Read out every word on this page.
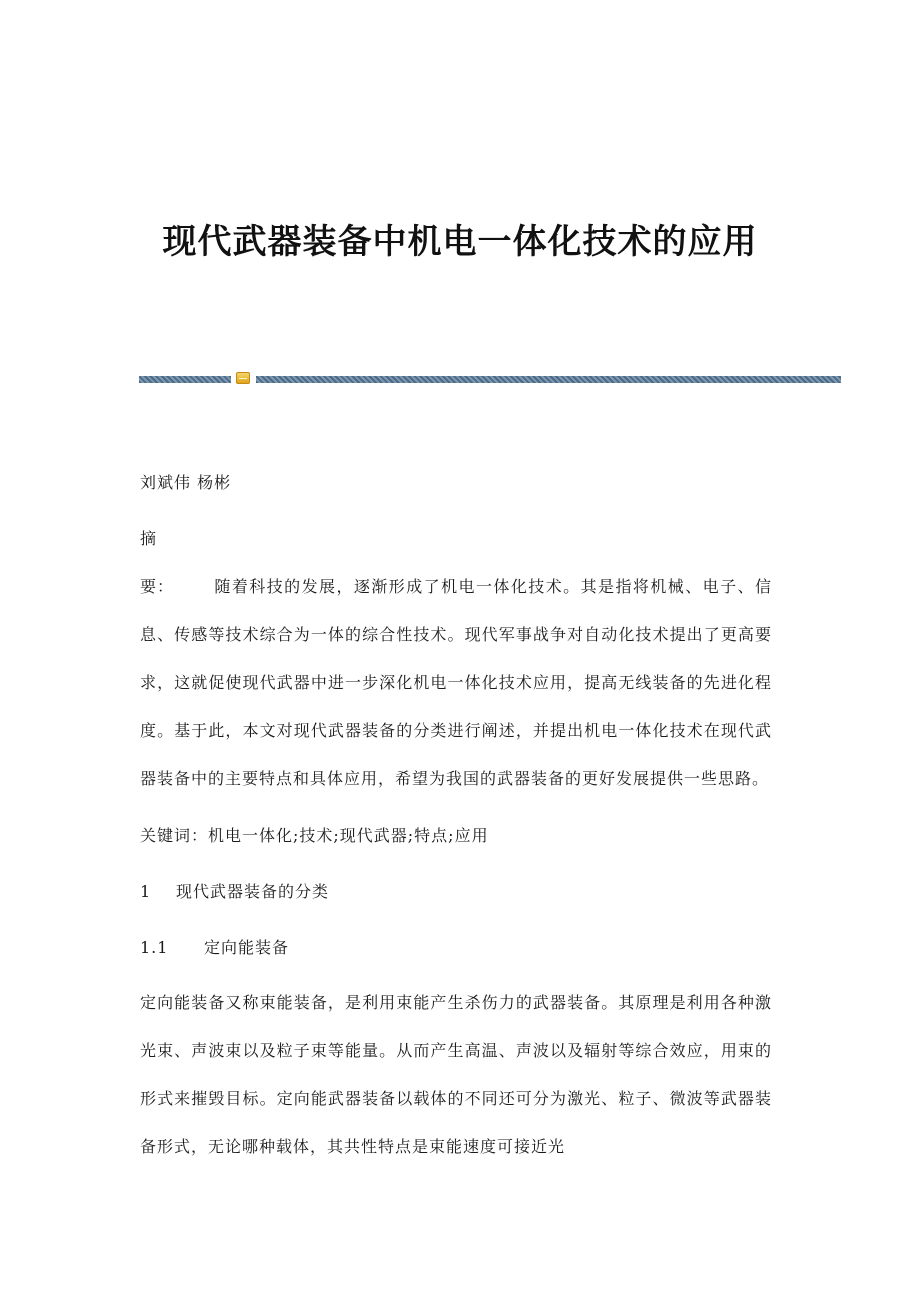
现代武器装备中机电一体化技术的应用
刘斌伟 杨彬
摘　　要： 随着科技的发展，逐渐形成了机电一体化技术。其是指将机械、电子、信息、传感等技术综合为一体的综合性技术。现代军事战争对自动化技术提出了更高要求，这就促使现代武器中进一步深化机电一体化技术应用，提高无线装备的先进化程度。基于此，本文对现代武器装备的分类进行阐述，并提出机电一体化技术在现代武器装备中的主要特点和具体应用，希望为我国的武器装备的更好发展提供一些思路。
关键词：机电一体化;技术;现代武器;特点;应用
1 现代武器装备的分类
1.1 定向能装备
定向能装备又称束能装备，是利用束能产生杀伤力的武器装备。其原理是利用各种激光束、声波束以及粒子束等能量。从而产生高温、声波以及辐射等综合效应，用束的形式来摧毁目标。定向能武器装备以载体的不同还可分为激光、粒子、微波等武器装备形式，无论哪种载体，其共性特点是束能速度可接近光
